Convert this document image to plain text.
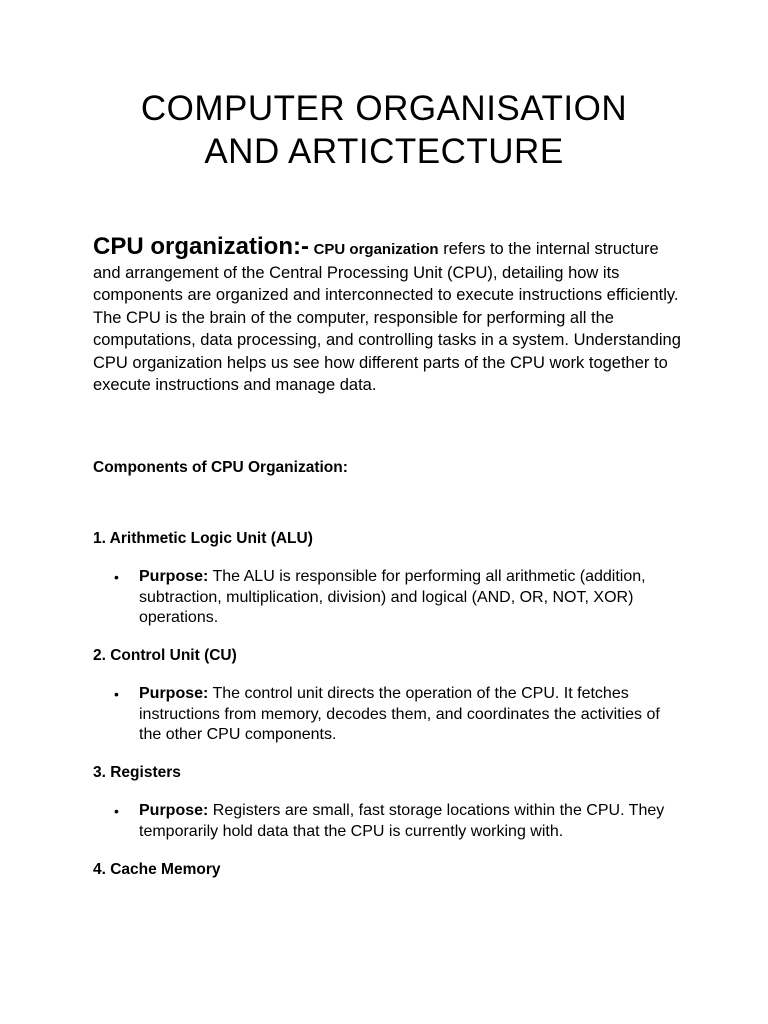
COMPUTER ORGANISATION
AND ARTICTECTURE

CPU organization:- CPU organization refers to the internal structure and arrangement of the Central Processing Unit (CPU), detailing how its components are organized and interconnected to execute instructions efficiently. The CPU is the brain of the computer, responsible for performing all the computations, data processing, and controlling tasks in a system. Understanding CPU organization helps us see how different parts of the CPU work together to execute instructions and manage data.

Components of CPU Organization:

1. Arithmetic Logic Unit (ALU)

•	Purpose: The ALU is responsible for performing all arithmetic (addition, subtraction, multiplication, division) and logical (AND, OR, NOT, XOR) operations.

2. Control Unit (CU)

•	Purpose: The control unit directs the operation of the CPU. It fetches instructions from memory, decodes them, and coordinates the activities of the other CPU components.

3. Registers

•	Purpose: Registers are small, fast storage locations within the CPU. They temporarily hold data that the CPU is currently working with.

4. Cache Memory
